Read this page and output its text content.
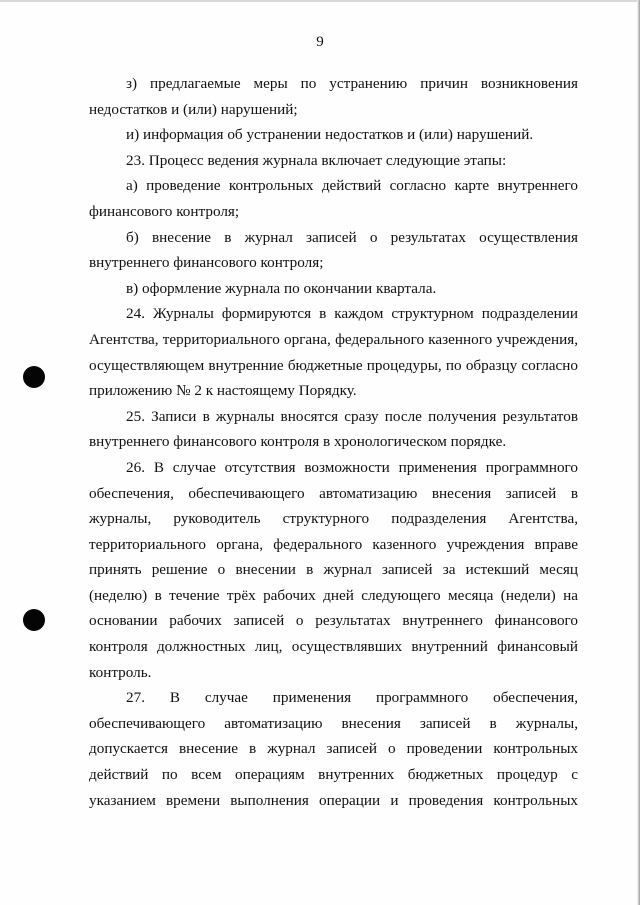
9
з) предлагаемые меры по устранению причин возникновения
недостатков и (или) нарушений;
и) информация об устранении недостатков и (или) нарушений.
23. Процесс ведения журнала включает следующие этапы:
а) проведение контрольных действий согласно карте внутреннего
финансового контроля;
б) внесение в журнал записей о результатах осуществления
внутреннего финансового контроля;
в) оформление журнала по окончании квартала.
24. Журналы формируются в каждом структурном подразделении
Агентства, территориального органа, федерального казенного учреждения,
осуществляющем внутренние бюджетные процедуры, по образцу согласно
приложению № 2 к настоящему Порядку.
25. Записи в журналы вносятся сразу после получения результатов
внутреннего финансового контроля в хронологическом порядке.
26. В случае отсутствия возможности применения программного
обеспечения, обеспечивающего автоматизацию внесения записей в
журналы, руководитель структурного подразделения Агентства,
территориального органа, федерального казенного учреждения вправе
принять решение о внесении в журнал записей за истекший месяц
(неделю) в течение трёх рабочих дней следующего месяца (недели) на
основании рабочих записей о результатах внутреннего финансового
контроля должностных лиц, осуществлявших внутренний финансовый
контроль.
27. В случае применения программного обеспечения,
обеспечивающего автоматизацию внесения записей в журналы,
допускается внесение в журнал записей о проведении контрольных
действий по всем операциям внутренних бюджетных процедур с
указанием времени выполнения операции и проведения контрольных
